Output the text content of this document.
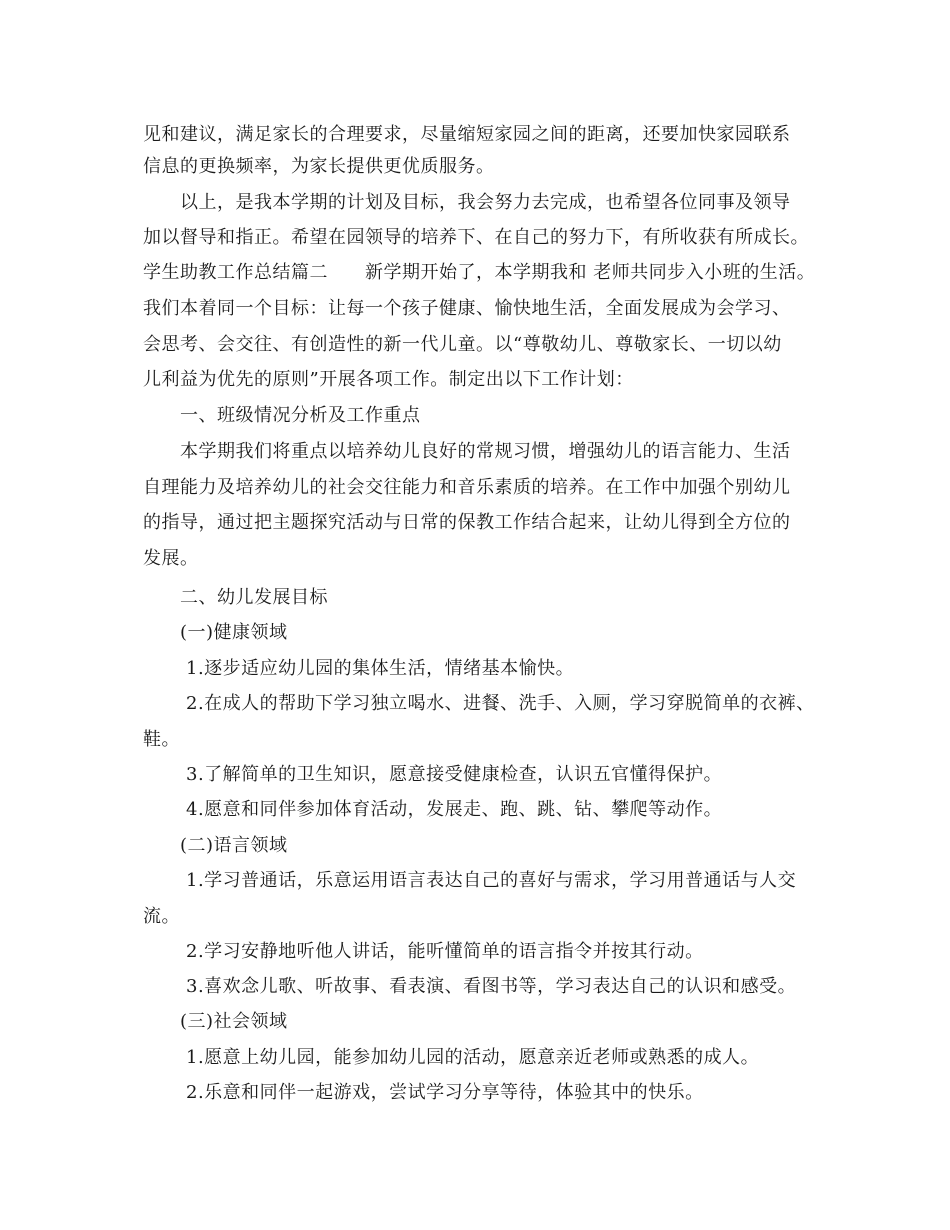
见和建议，满足家长的合理要求，尽量缩短家园之间的距离，还要加快家园联系
信息的更换频率，为家长提供更优质服务。
以上，是我本学期的计划及目标，我会努力去完成，也希望各位同事及领导
加以督导和指正。希望在园领导的培养下、在自己的努力下，有所收获有所成长。
学生助教工作总结篇二　　新学期开始了，本学期我和 老师共同步入小班的生活。
我们本着同一个目标：让每一个孩子健康、愉快地生活，全面发展成为会学习、
会思考、会交往、有创造性的新一代儿童。以“尊敬幼儿、尊敬家长、一切以幼
儿利益为优先的原则”开展各项工作。制定出以下工作计划：
一、班级情况分析及工作重点
本学期我们将重点以培养幼儿良好的常规习惯，增强幼儿的语言能力、生活
自理能力及培养幼儿的社会交往能力和音乐素质的培养。在工作中加强个别幼儿
的指导，通过把主题探究活动与日常的保教工作结合起来，让幼儿得到全方位的
发展。
二、幼儿发展目标
(一)健康领域
1.逐步适应幼儿园的集体生活，情绪基本愉快。
2.在成人的帮助下学习独立喝水、进餐、洗手、入厕，学习穿脱简单的衣裤、
鞋。
3.了解简单的卫生知识，愿意接受健康检查，认识五官懂得保护。
4.愿意和同伴参加体育活动，发展走、跑、跳、钻、攀爬等动作。
(二)语言领域
1.学习普通话，乐意运用语言表达自己的喜好与需求，学习用普通话与人交
流。
2.学习安静地听他人讲话，能听懂简单的语言指令并按其行动。
3.喜欢念儿歌、听故事、看表演、看图书等，学习表达自己的认识和感受。
(三)社会领域
1.愿意上幼儿园，能参加幼儿园的活动，愿意亲近老师或熟悉的成人。
2.乐意和同伴一起游戏，尝试学习分享等待，体验其中的快乐。
